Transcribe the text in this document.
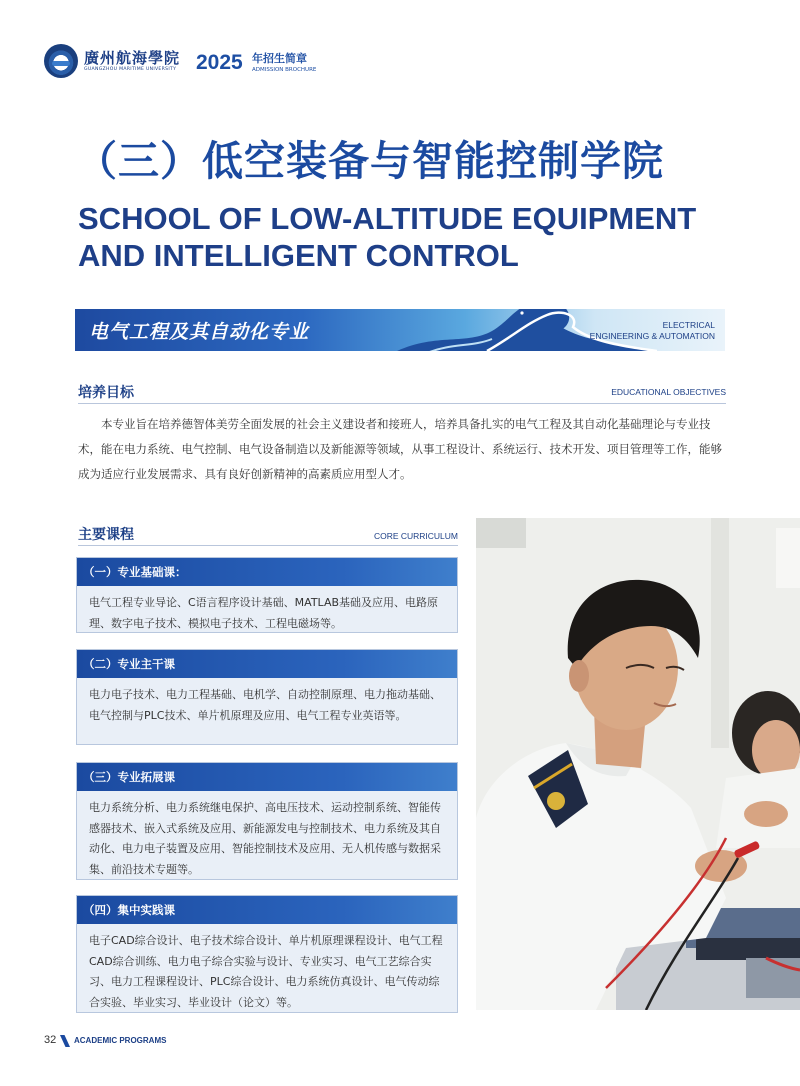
廣州航海學院
GUANGZHOU MARITIME UNIVERSITY 2025 年招生简章
ADMISSION BROCHURE
（三）低空装备与智能控制学院
SCHOOL OF LOW-ALTITUDE EQUIPMENT AND INTELLIGENT CONTROL
电气工程及其自动化专业	ELECTRICAL
ENGINEERING & AUTOMATION
培养目标	EDUCATIONAL OBJECTIVES
本专业旨在培养德智体美劳全面发展的社会主义建设者和接班人，培养具备扎实的电气工程及其自动化基础理论与专业技术，能在电力系统、电气控制、电气设备制造以及新能源等领域，从事工程设计、系统运行、技术开发、项目管理等工作，能够成为适应行业发展需求、具有良好创新精神的高素质应用型人才。
主要课程	CORE CURRICULUM
（一）专业基础课：
电气工程专业导论、C语言程序设计基础、MATLAB基础及应用、电路原理、数字电子技术、模拟电子技术、工程电磁场等。
（二）专业主干课
电力电子技术、电力工程基础、电机学、自动控制原理、电力拖动基础、电气控制与PLC技术、单片机原理及应用、电气工程专业英语等。
（三）专业拓展课
电力系统分析、电力系统继电保护、高电压技术、运动控制系统、智能传感器技术、嵌入式系统及应用、新能源发电与控制技术、电力系统及其自动化、电力电子装置及应用、智能控制技术及应用、无人机传感与数据采集、前沿技术专题等。
（四）集中实践课
电子CAD综合设计、电子技术综合设计、单片机原理课程设计、电气工程CAD综合训练、电力电子综合实验与设计、专业实习、电气工艺综合实习、电力工程课程设计、PLC综合设计、电力系统仿真设计、电气传动综合实验、毕业实习、毕业设计（论文）等。
32 ACADEMIC PROGRAMS
